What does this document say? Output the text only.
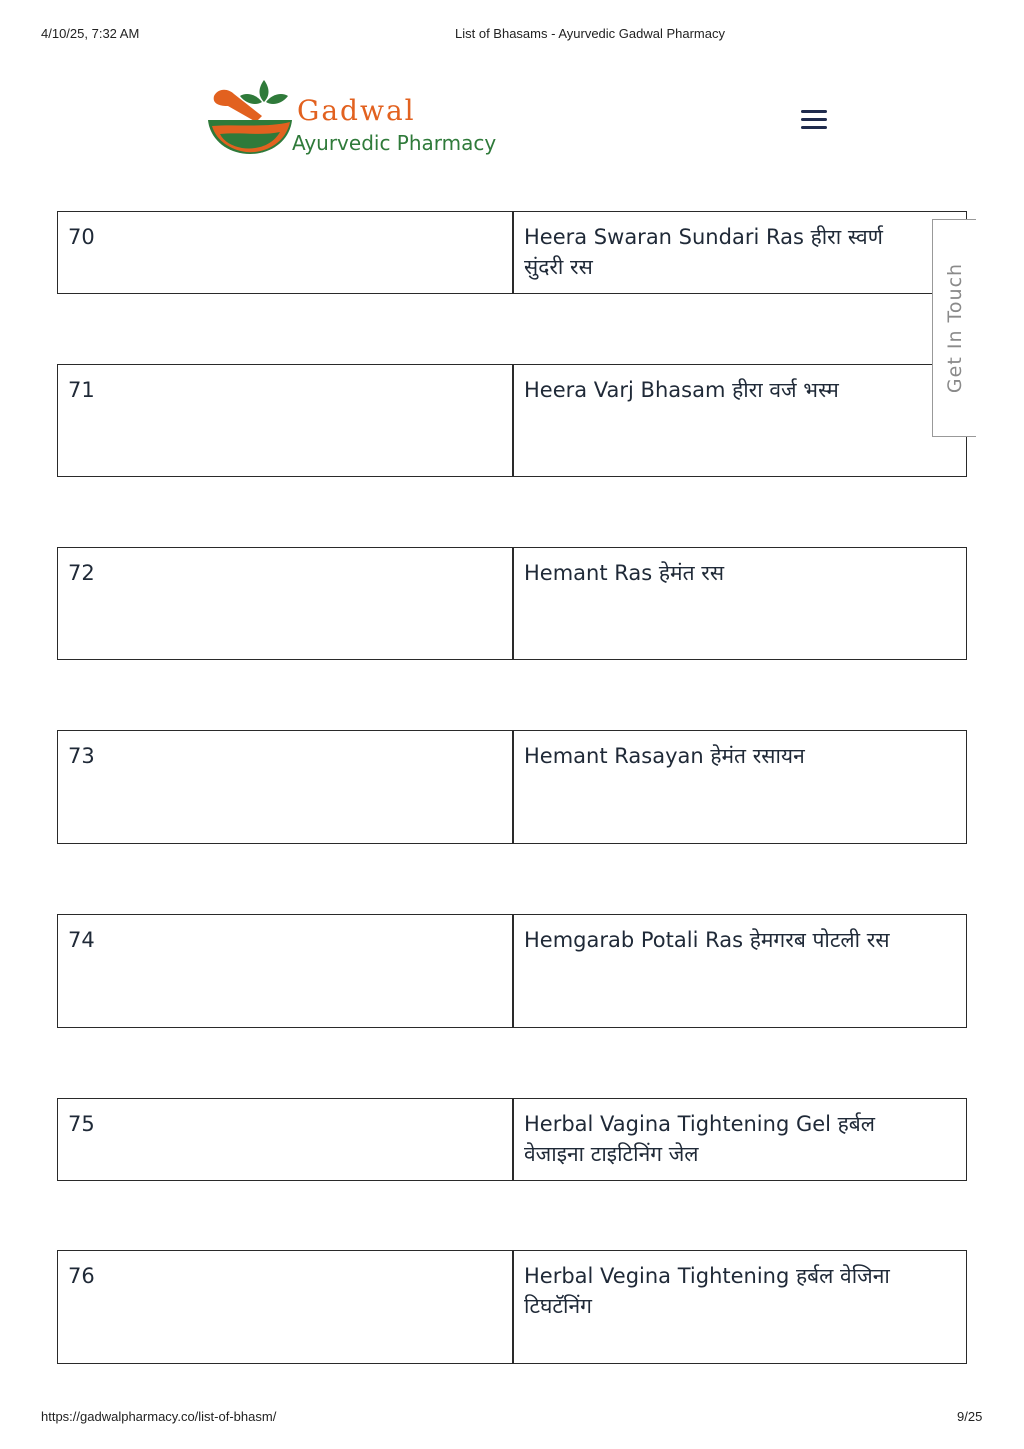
4/10/25, 7:32 AM	List of Bhasams - Ayurvedic Gadwal Pharmacy
Gadwal
Ayurvedic Pharmacy
70	Heera Swaran Sundari Ras हीरा स्वर्ण सुंदरी रस
71	Heera Varj Bhasam हीरा वर्ज भस्म
72	Hemant Ras हेमंत रस
73	Hemant Rasayan हेमंत रसायन
74	Hemgarab Potali Ras हेमगरब पोटली रस
75	Herbal Vagina Tightening Gel हर्बल वेजाइना टाइटिनिंग जेल
76	Herbal Vegina Tightening हर्बल वेजिना टिघटॅनिंग
Get In Touch
https://gadwalpharmacy.co/list-of-bhasm/	9/25
